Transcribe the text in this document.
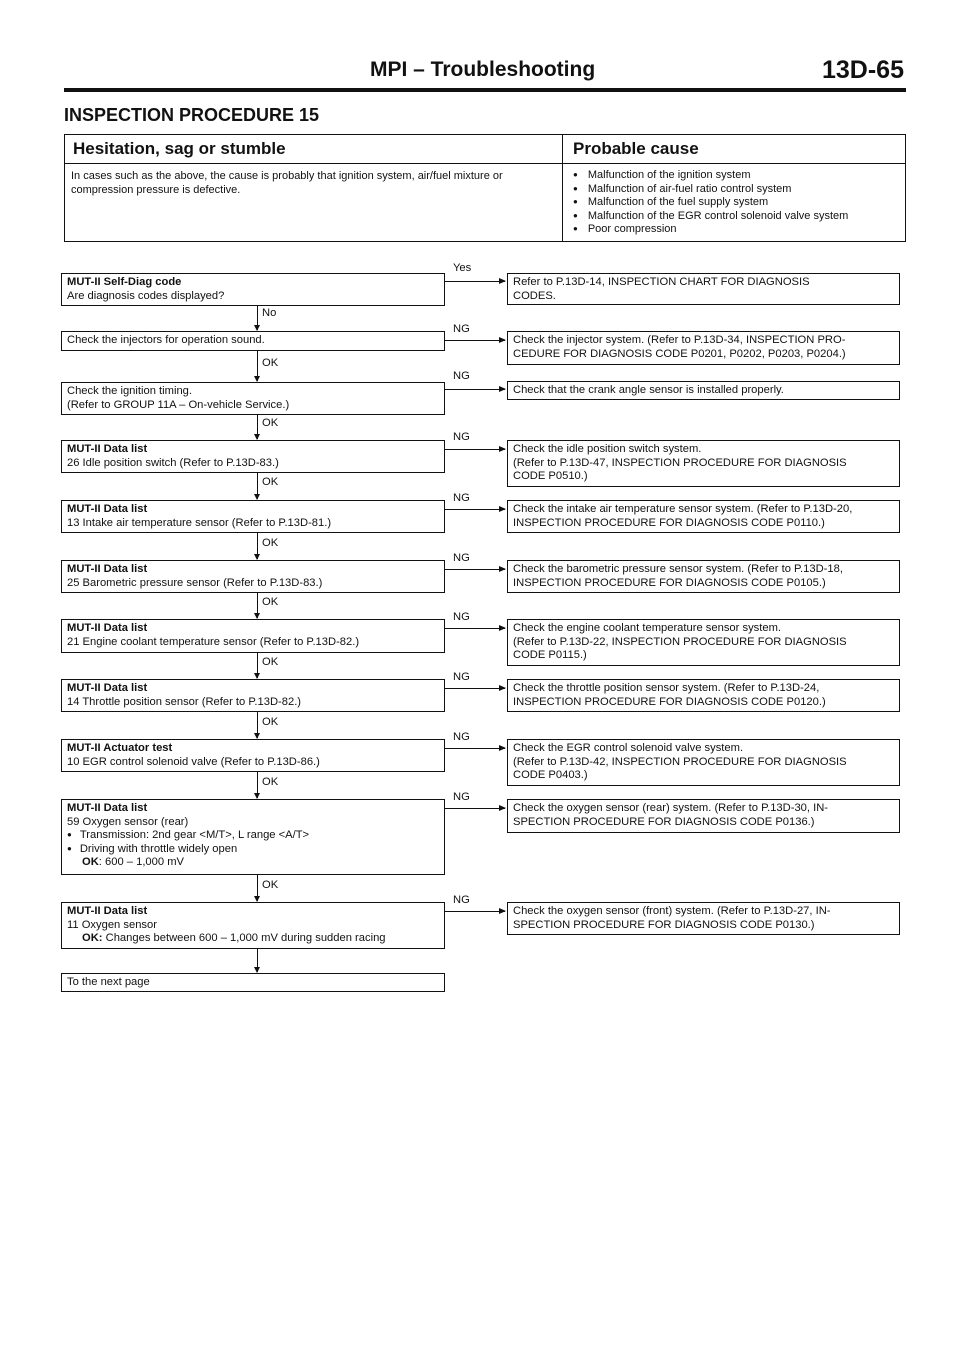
MPI – Troubleshooting	13D-65
INSPECTION PROCEDURE 15
Hesitation, sag or stumble	Probable cause
In cases such as the above, the cause is probably that ignition system, air/fuel mixture or compression pressure is defective.
● Malfunction of the ignition system
● Malfunction of air-fuel ratio control system
● Malfunction of the fuel supply system
● Malfunction of the EGR control solenoid valve system
● Poor compression
MUT-II Self-Diag code
Are diagnosis codes displayed?
Yes
Refer to P.13D-14, INSPECTION CHART FOR DIAGNOSIS
CODES.
No
Check the injectors for operation sound.
NG
Check the injector system. (Refer to P.13D-34, INSPECTION PRO-
CEDURE FOR DIAGNOSIS CODE P0201, P0202, P0203, P0204.)
OK
Check the ignition timing.
(Refer to GROUP 11A – On-vehicle Service.)
NG
Check that the crank angle sensor is installed properly.
OK
MUT-II Data list
26 Idle position switch (Refer to P.13D-83.)
NG
Check the idle position switch system.
(Refer to P.13D-47, INSPECTION PROCEDURE FOR DIAGNOSIS
CODE P0510.)
OK
MUT-II Data list
13 Intake air temperature sensor (Refer to P.13D-81.)
NG
Check the intake air temperature sensor system. (Refer to P.13D-20,
INSPECTION PROCEDURE FOR DIAGNOSIS CODE P0110.)
OK
MUT-II Data list
25 Barometric pressure sensor (Refer to P.13D-83.)
NG
Check the barometric pressure sensor system. (Refer to P.13D-18,
INSPECTION PROCEDURE FOR DIAGNOSIS CODE P0105.)
OK
MUT-II Data list
21 Engine coolant temperature sensor (Refer to P.13D-82.)
NG
Check the engine coolant temperature sensor system.
(Refer to P.13D-22, INSPECTION PROCEDURE FOR DIAGNOSIS
CODE P0115.)
OK
MUT-II Data list
14 Throttle position sensor (Refer to P.13D-82.)
NG
Check the throttle position sensor system. (Refer to P.13D-24,
INSPECTION PROCEDURE FOR DIAGNOSIS CODE P0120.)
OK
MUT-II Actuator test
10 EGR control solenoid valve (Refer to P.13D-86.)
NG
Check the EGR control solenoid valve system.
(Refer to P.13D-42, INSPECTION PROCEDURE FOR DIAGNOSIS
CODE P0403.)
OK
MUT-II Data list
59 Oxygen sensor (rear)
● Transmission: 2nd gear <M/T>, L range <A/T>
● Driving with throttle widely open
OK: 600 – 1,000 mV
NG
Check the oxygen sensor (rear) system. (Refer to P.13D-30, IN-
SPECTION PROCEDURE FOR DIAGNOSIS CODE P0136.)
OK
MUT-II Data list
11 Oxygen sensor
OK: Changes between 600 – 1,000 mV during sudden racing
NG
Check the oxygen sensor (front) system. (Refer to P.13D-27, IN-
SPECTION PROCEDURE FOR DIAGNOSIS CODE P0130.)
To the next page
